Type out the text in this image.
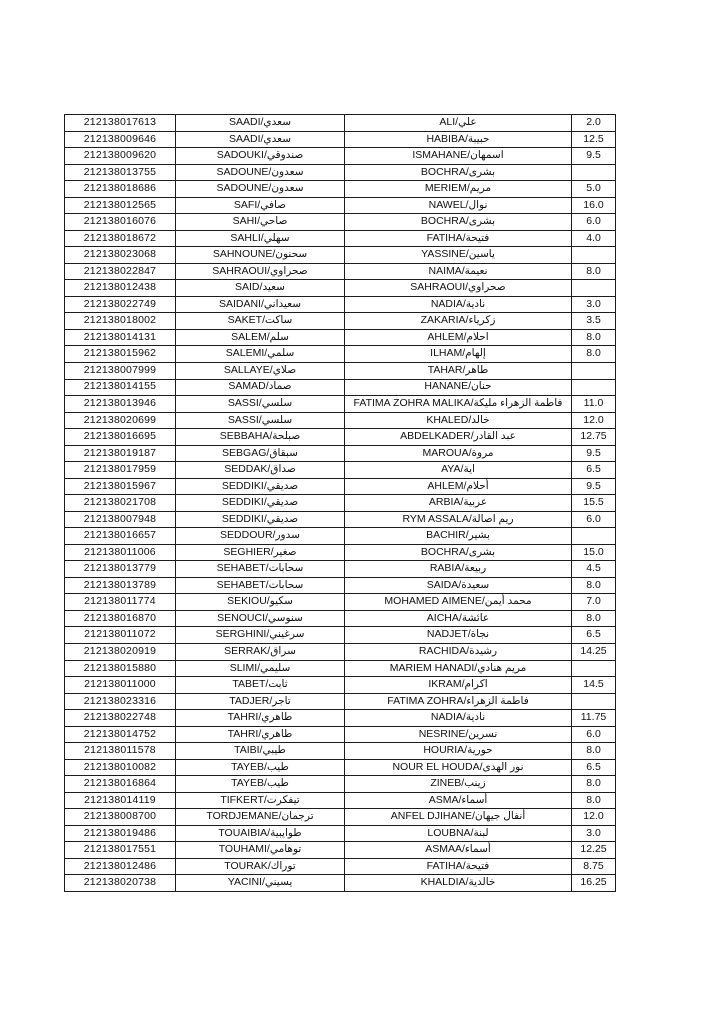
212138017613	SAADI/سعدي	ALI/علي	2.0
212138009646	SAADI/سعدي	HABIBA/حبيبة	12.5
212138009620	SADOUKI/صندوقي	ISMAHANE/اسمهان	9.5
212138013755	SADOUNE/سعدون	BOCHRA/بشرى	
212138018686	SADOUNE/سعدون	MERIEM/مريم	5.0
212138012565	SAFI/صافي	NAWEL/نوال	16.0
212138016076	SAHI/صاحي	BOCHRA/بشرى	6.0
212138018672	SAHLI/سهلي	FATIHA/فتيحة	4.0
212138023068	SAHNOUNE/سحنون	YASSINE/ياسين	
212138022847	SAHRAOUI/صحراوي	NAIMA/نعيمة	8.0
212138012438	SAID/سعيد	SAHRAOUI/صحراوي	
212138022749	SAIDANI/سعيداني	NADIA/نادية	3.0
212138018002	SAKET/ساكت	ZAKARIA/زكرياء	3.5
212138014131	SALEM/سلم	AHLEM/احلام	8.0
212138015962	SALEMI/سلمي	ILHAM/إلهام	8.0
212138007999	SALLAYE/صلاي	TAHAR/طاهر	
212138014155	SAMAD/صماد	HANANE/حنان	
212138013946	SASSI/سلسي	FATIMA ZOHRA MALIKA/فاطمة الزهراء مليكة	11.0
212138020699	SASSI/سلسي	KHALED/خالد	12.0
212138016695	SEBBAHA/صبلحة	ABDELKADER/عبد القادر	12.75
212138019187	SEBGAG/سبقاق	MAROUA/مروة	9.5
212138017959	SEDDAK/صداق	AYA/اية	6.5
212138015967	SEDDIKI/صديقي	AHLEM/أحلام	9.5
212138021708	SEDDIKI/صديقي	ARBIA/عربية	15.5
212138007948	SEDDIKI/صديقي	RYM ASSALA/ريم اصالة	6.0
212138016657	SEDDOUR/سدور	BACHIR/بشير	
212138011006	SEGHIER/صغير	BOCHRA/بشرى	15.0
212138013779	SEHABET/سحابات	RABIA/ربيعة	4.5
212138013789	SEHABET/سحابات	SAIDA/سعيدة	8.0
212138011774	SEKIOU/سكيو	MOHAMED AIMENE/محمد أيمن	7.0
212138016870	SENOUCI/سنوسي	AICHA/عائشة	8.0
212138011072	SERGHINI/سرغيني	NADJET/نجاة	6.5
212138020919	SERRAK/سراق	RACHIDA/رشيدة	14.25
212138015880	SLIMI/سليمي	MARIEM HANADI/مريم هنادي	
212138011000	TABET/ثابت	IKRAM/اكرام	14.5
212138023316	TADJER/تاجر	FATIMA ZOHRA/فاطمة الزهراء	
212138022748	TAHRI/طاهري	NADIA/نادية	11.75
212138014752	TAHRI/طاهري	NESRINE/نسرين	6.0
212138011578	TAIBI/طيبي	HOURIA/حورية	8.0
212138010082	TAYEB/طيب	NOUR EL HOUDA/نور الهدى	6.5
212138016864	TAYEB/طيب	ZINEB/زينب	8.0
212138014119	TIFKERT/تيفكرت	ASMA/أسماء	8.0
212138008700	TORDJEMANE/ترجمان	ANFEL DJIHANE/أنفال جيهان	12.0
212138019486	TOUAIBIA/طوايبية	LOUBNA/لبنة	3.0
212138017551	TOUHAMI/توهامي	ASMAA/أسماء	12.25
212138012486	TOURAK/توراك	FATIHA/فتيحة	8.75
212138020738	YACINI/يسيني	KHALDIA/خالدية	16.25
